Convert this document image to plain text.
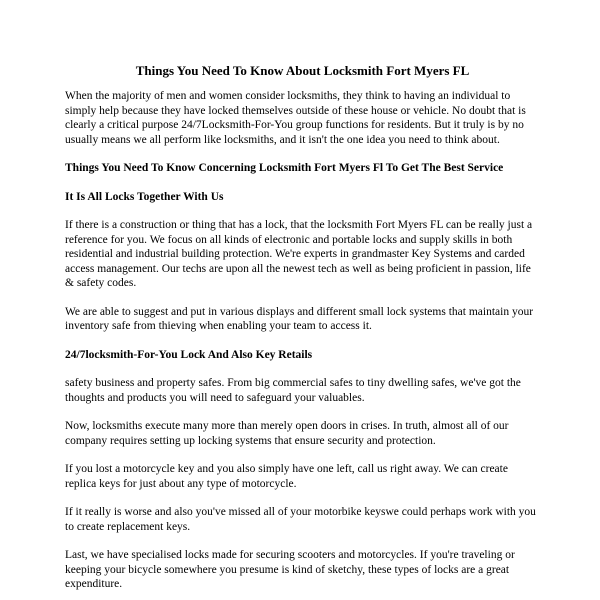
Things You Need To Know About Locksmith Fort Myers FL

When the majority of men and women consider locksmiths, they think to having an individual to simply help because they have locked themselves outside of these house or vehicle. No doubt that is clearly a critical purpose 24/7Locksmith-For-You group functions for residents. But it truly is by no usually means we all perform like locksmiths, and it isn't the one idea you need to think about.

Things You Need To Know Concerning Locksmith Fort Myers Fl To Get The Best Service
It Is All Locks Together With Us

If there is a construction or thing that has a lock, that the locksmith Fort Myers FL can be really just a reference for you. We focus on all kinds of electronic and portable locks and supply skills in both residential and industrial building protection. We're experts in grandmaster Key Systems and carded access management. Our techs are upon all the newest tech as well as being proficient in passion, life & safety codes.

We are able to suggest and put in various displays and different small lock systems that maintain your inventory safe from thieving when enabling your team to access it.

24/7locksmith-For-You Lock And Also Key Retails

safety business and property safes. From big commercial safes to tiny dwelling safes, we've got the thoughts and products you will need to safeguard your valuables.

Now, locksmiths execute many more than merely open doors in crises. In truth, almost all of our company requires setting up locking systems that ensure security and protection.

If you lost a motorcycle key and you also simply have one left, call us right away. We can create replica keys for just about any type of motorcycle.

If it really is worse and also you've missed all of your motorbike keyswe could perhaps work with you to create replacement keys.

Last, we have specialised locks made for securing scooters and motorcycles. If you're traveling or keeping your bicycle somewhere you presume is kind of sketchy, these types of locks are a great expenditure.
